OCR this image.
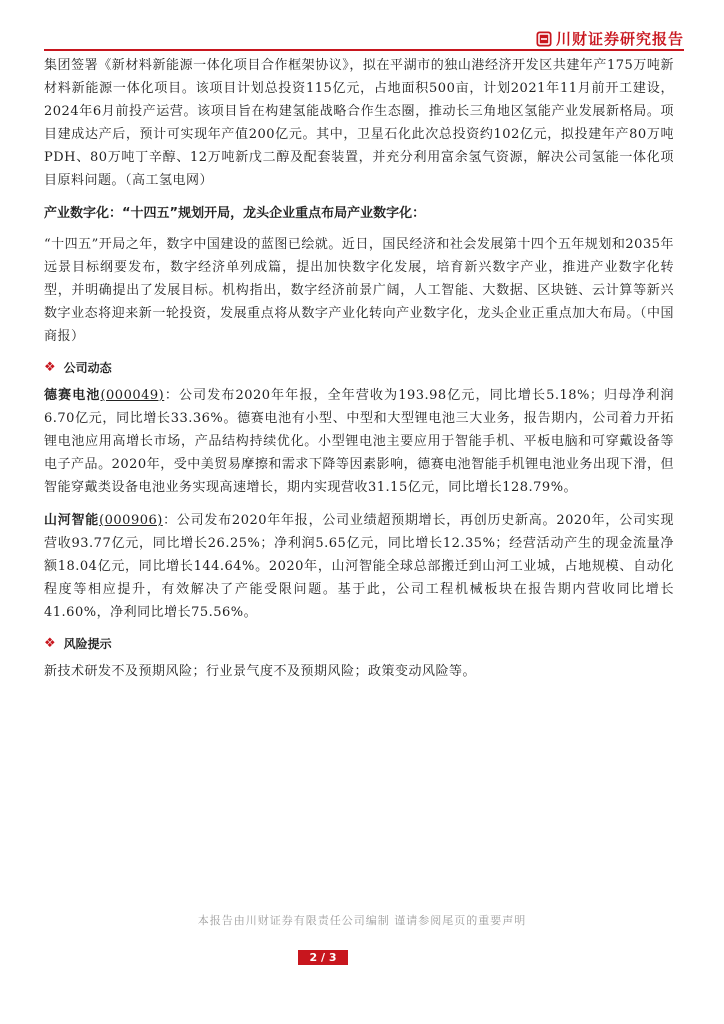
川财证券研究报告

集团签署《新材料新能源一体化项目合作框架协议》，拟在平湖市的独山港经济开发区共建年产175万吨新材料新能源一体化项目。该项目计划总投资115亿元，占地面积500亩，计划2021年11月前开工建设，2024年6月前投产运营。该项目旨在构建氢能战略合作生态圈，推动长三角地区氢能产业发展新格局。项目建成达产后，预计可实现年产值200亿元。其中，卫星石化此次总投资约102亿元，拟投建年产80万吨PDH、80万吨丁辛醇、12万吨新戊二醇及配套装置，并充分利用富余氢气资源，解决公司氢能一体化项目原料问题。（高工氢电网）

产业数字化：“十四五”规划开局，龙头企业重点布局产业数字化：

“十四五”开局之年，数字中国建设的蓝图已绘就。近日，国民经济和社会发展第十四个五年规划和2035年远景目标纲要发布，数字经济单列成篇，提出加快数字化发展，培育新兴数字产业，推进产业数字化转型，并明确提出了发展目标。机构指出，数字经济前景广阔，人工智能、大数据、区块链、云计算等新兴数字业态将迎来新一轮投资，发展重点将从数字产业化转向产业数字化，龙头企业正重点加大布局。（中国商报）

❖ 公司动态

德赛电池(000049)：公司发布2020年年报，全年营收为193.98亿元，同比增长5.18%；归母净利润6.70亿元，同比增长33.36%。德赛电池有小型、中型和大型锂电池三大业务，报告期内，公司着力开拓锂电池应用高增长市场，产品结构持续优化。小型锂电池主要应用于智能手机、平板电脑和可穿戴设备等电子产品。2020年，受中美贸易摩擦和需求下降等因素影响，德赛电池智能手机锂电池业务出现下滑，但智能穿戴类设备电池业务实现高速增长，期内实现营收31.15亿元，同比增长128.79%。

山河智能(000906)：公司发布2020年年报，公司业绩超预期增长，再创历史新高。2020年，公司实现营收93.77亿元，同比增长26.25%；净利润5.65亿元，同比增长12.35%；经营活动产生的现金流量净额18.04亿元，同比增长144.64%。2020年，山河智能全球总部搬迁到山河工业城，占地规模、自动化程度等相应提升，有效解决了产能受限问题。基于此，公司工程机械板块在报告期内营收同比增长41.60%，净利同比增长75.56%。

❖ 风险提示

新技术研发不及预期风险；行业景气度不及预期风险；政策变动风险等。

本报告由川财证券有限责任公司编制 谨请参阅尾页的重要声明
2 / 3
